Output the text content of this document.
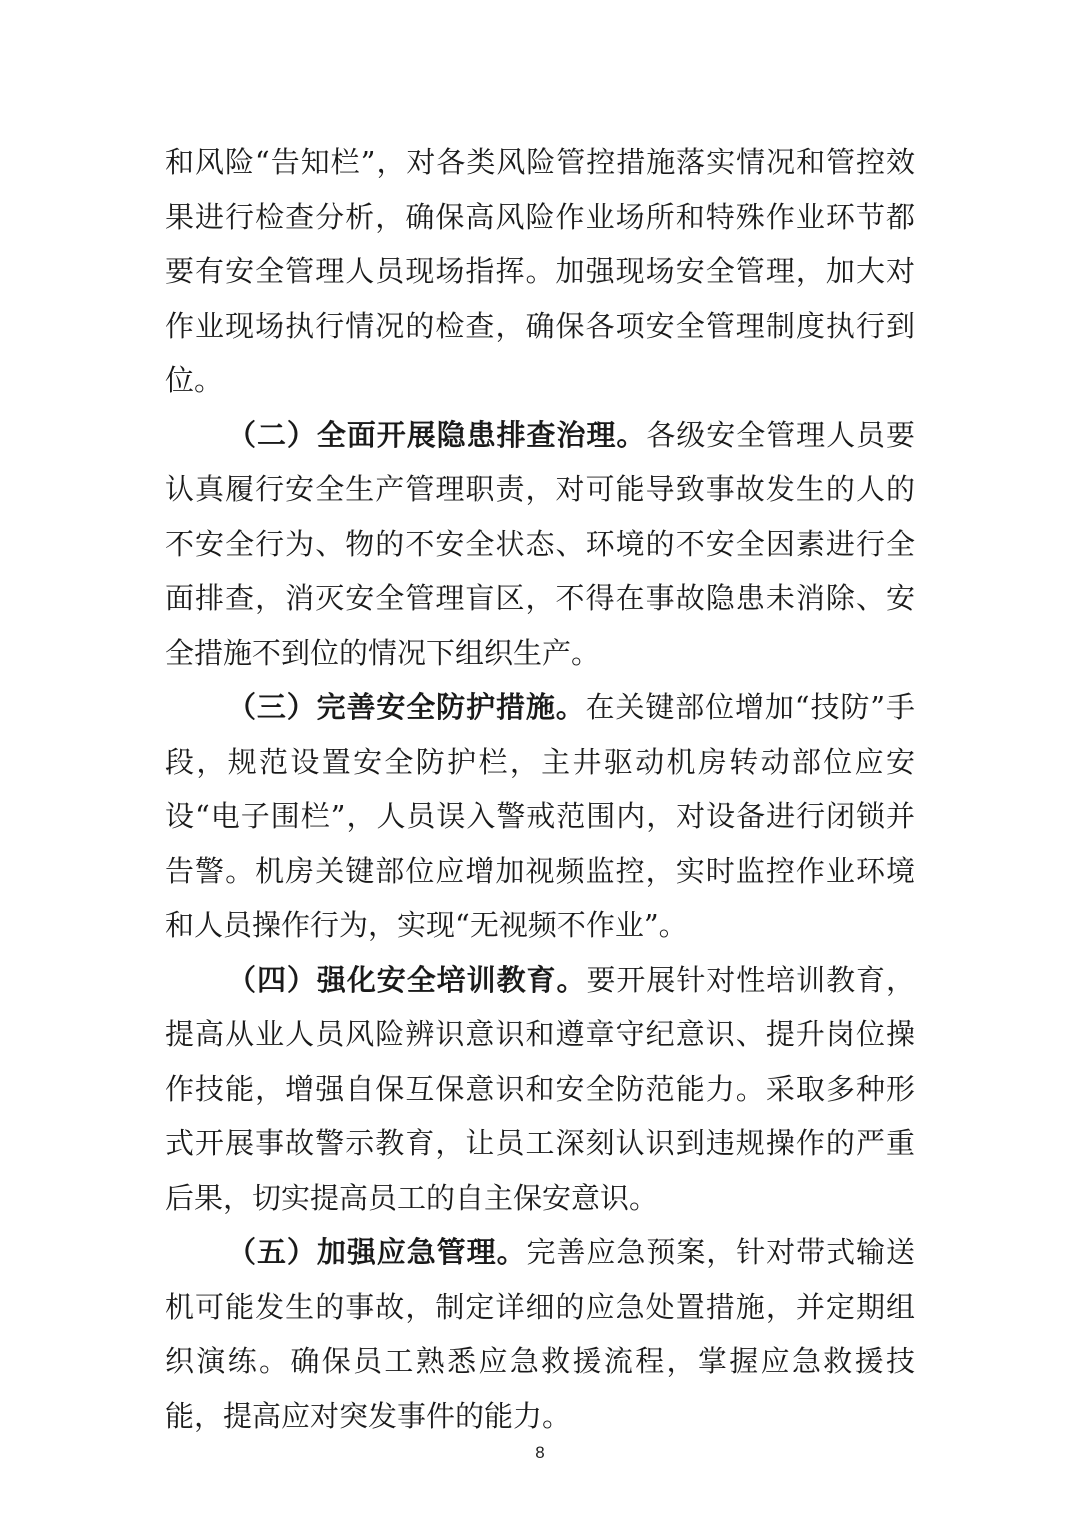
和风险“告知栏”，对各类风险管控措施落实情况和管控效果进行检查分析，确保高风险作业场所和特殊作业环节都要有安全管理人员现场指挥。加强现场安全管理，加大对作业现场执行情况的检查，确保各项安全管理制度执行到位。

（二）全面开展隐患排查治理。各级安全管理人员要认真履行安全生产管理职责，对可能导致事故发生的人的不安全行为、物的不安全状态、环境的不安全因素进行全面排查，消灭安全管理盲区，不得在事故隐患未消除、安全措施不到位的情况下组织生产。

（三）完善安全防护措施。在关键部位增加“技防”手段，规范设置安全防护栏，主井驱动机房转动部位应安设“电子围栏”，人员误入警戒范围内，对设备进行闭锁并告警。机房关键部位应增加视频监控，实时监控作业环境和人员操作行为，实现“无视频不作业”。

（四）强化安全培训教育。要开展针对性培训教育，提高从业人员风险辨识意识和遵章守纪意识、提升岗位操作技能，增强自保互保意识和安全防范能力。采取多种形式开展事故警示教育，让员工深刻认识到违规操作的严重后果，切实提高员工的自主保安意识。

（五）加强应急管理。完善应急预案，针对带式输送机可能发生的事故，制定详细的应急处置措施，并定期组织演练。确保员工熟悉应急救援流程，掌握应急救援技能，提高应对突发事件的能力。

8
